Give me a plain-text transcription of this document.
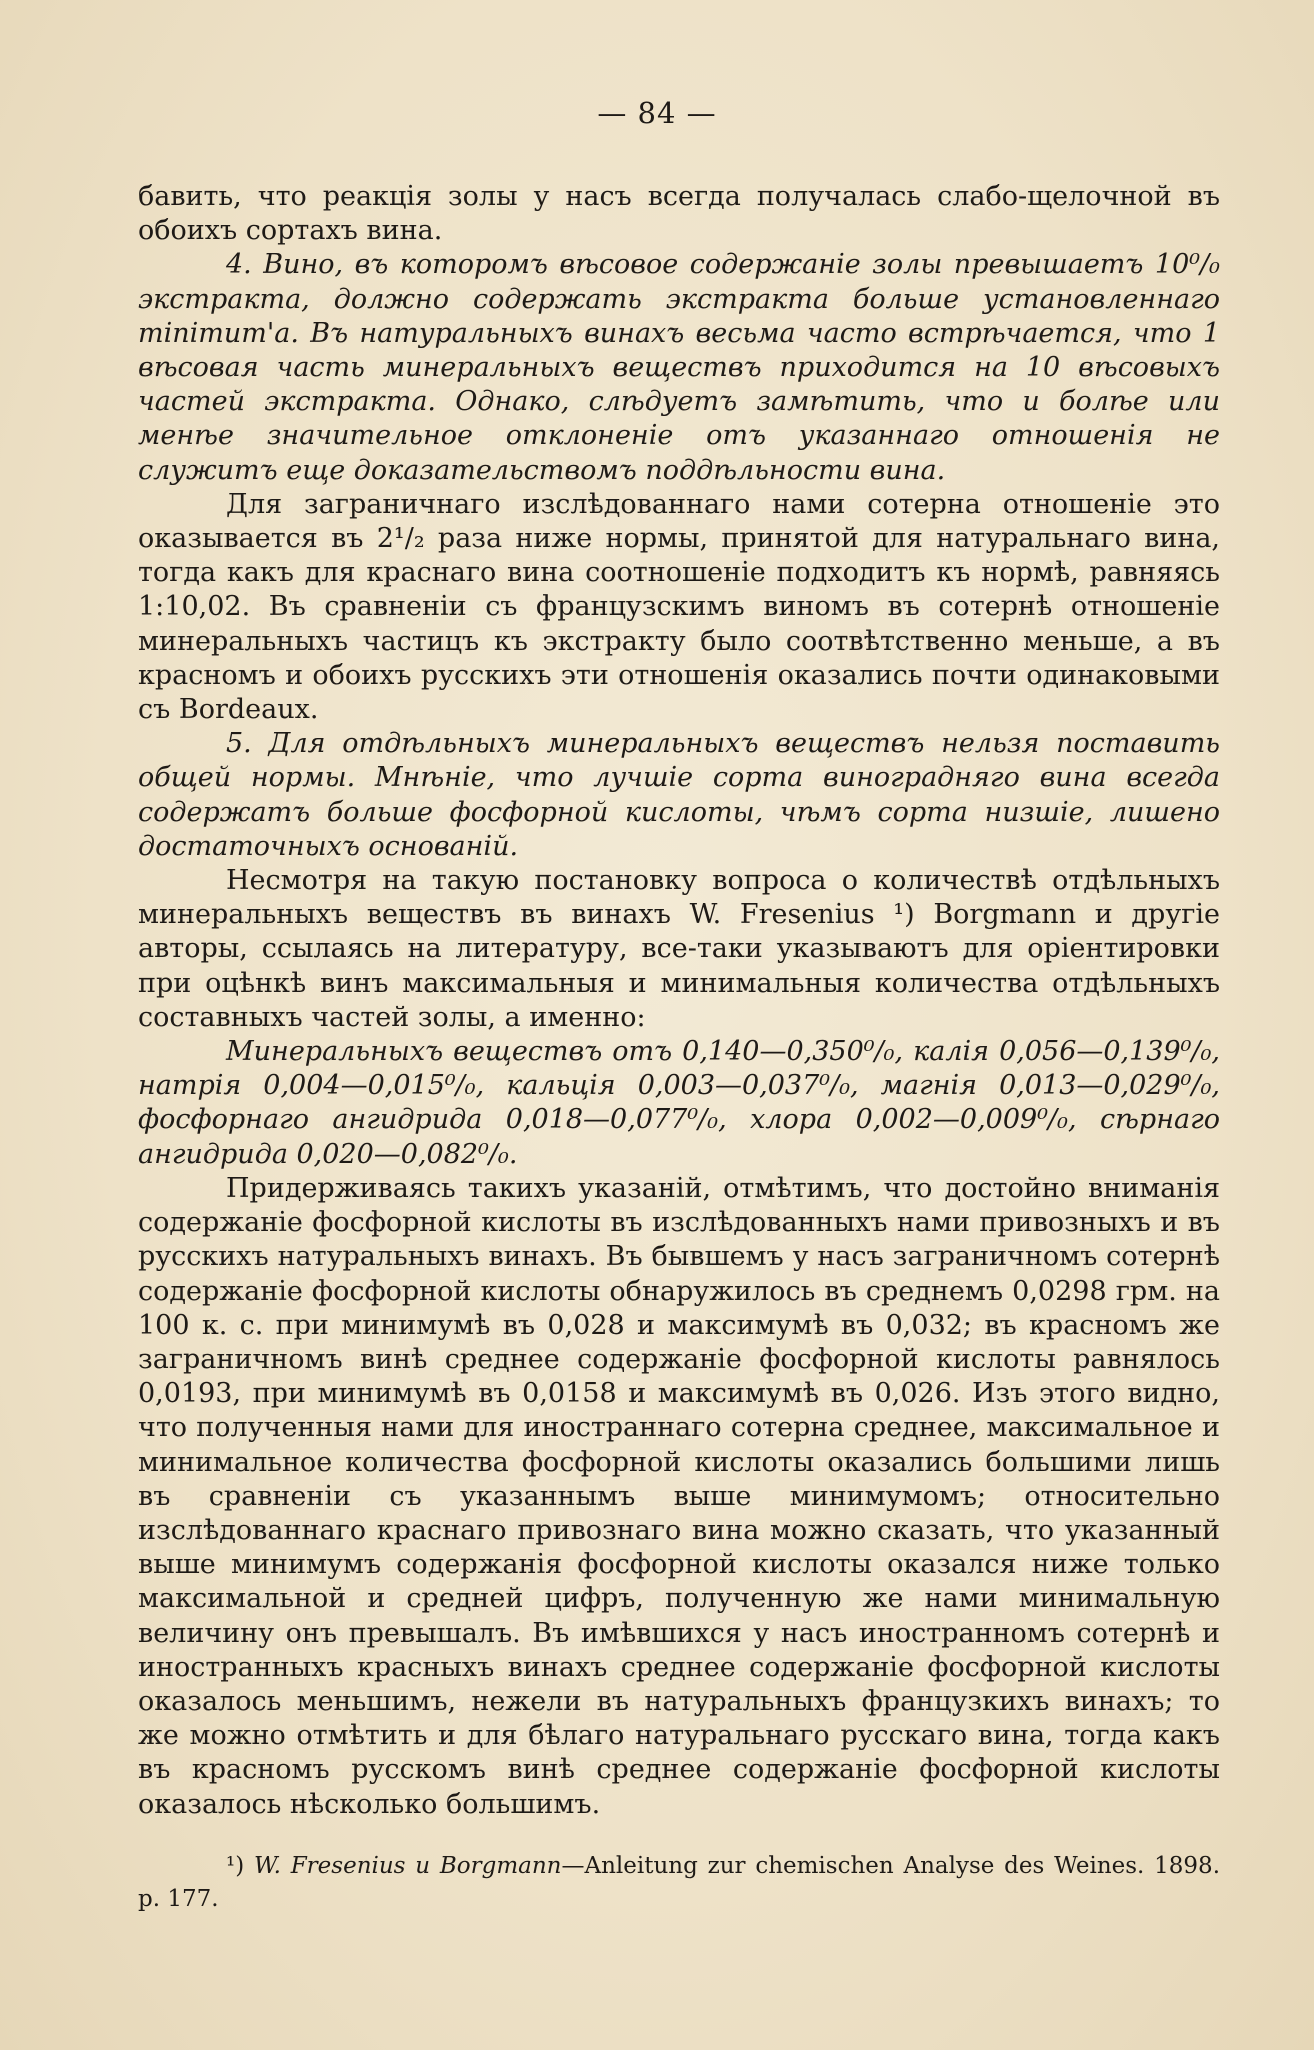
— 84 —

бавить, что реакція золы у насъ всегда получалась слабо-щелочной въ обоихъ сортахъ вина.

4. Вино, въ которомъ вѣсовое содержаніе золы превышаетъ 10⁰/₀ экстракта, должно содержать экстракта больше установленнаго minimum'a. Въ натуральныхъ винахъ весьма часто встрѣчается, что 1 вѣсовая часть минеральныхъ веществъ приходится на 10 вѣсовыхъ частей экстракта. Однако, слѣдуетъ замѣтить, что и болѣе или менѣе значительное отклоненіе отъ указаннаго отношенія не служитъ еще доказательствомъ поддѣльности вина.

Для заграничнаго изслѣдованнаго нами сотерна отношеніе это оказывается въ 2¹/₂ раза ниже нормы, принятой для натуральнаго вина, тогда какъ для краснаго вина соотношеніе подходитъ къ нормѣ, равняясь 1:10,02. Въ сравненіи съ французскимъ виномъ въ сотернѣ отношеніе минеральныхъ частицъ къ экстракту было соотвѣтственно меньше, а въ красномъ и обоихъ русскихъ эти отношенія оказались почти одинаковыми съ Bordeaux.

5. Для отдѣльныхъ минеральныхъ веществъ нельзя поставить общей нормы. Мнѣніе, что лучшіе сорта виноградняго вина всегда содержатъ больше фосфорной кислоты, чѣмъ сорта низшіе, лишено достаточныхъ основаній.

Несмотря на такую постановку вопроса о количествѣ отдѣльныхъ минеральныхъ веществъ въ винахъ W. Fresenius ¹) Borgmann и другіе авторы, ссылаясь на литературу, все-таки указываютъ для оріентировки при оцѣнкѣ винъ максимальныя и минимальныя количества отдѣльныхъ составныхъ частей золы, а именно:

Минеральныхъ веществъ отъ 0,140—0,350⁰/₀, калія 0,056—0,139⁰/₀, натрія 0,004—0,015⁰/₀, кальція 0,003—0,037⁰/₀, магнія 0,013—0,029⁰/₀, фосфорнаго ангидрида 0,018—0,077⁰/₀, хлора 0,002—0,009⁰/₀, сѣрнаго ангидрида 0,020—0,082⁰/₀.

Придерживаясь такихъ указаній, отмѣтимъ, что достойно вниманія содержаніе фосфорной кислоты въ изслѣдованныхъ нами привозныхъ и въ русскихъ натуральныхъ винахъ. Въ бывшемъ у насъ заграничномъ сотернѣ содержаніе фосфорной кислоты обнаружилось въ среднемъ 0,0298 грм. на 100 к. с. при минимумѣ въ 0,028 и максимумѣ въ 0,032; въ красномъ же заграничномъ винѣ среднее содержаніе фосфорной кислоты равнялось 0,0193, при минимумѣ въ 0,0158 и максимумѣ въ 0,026. Изъ этого видно, что полученныя нами для иностраннаго сотерна среднее, максимальное и минимальное количества фосфорной кислоты оказались большими лишь въ сравненіи съ указаннымъ выше минимумомъ; относительно изслѣдованнаго краснаго привознаго вина можно сказать, что указанный выше минимумъ содержанія фосфорной кислоты оказался ниже только максимальной и средней цифръ, полученную же нами минимальную величину онъ превышалъ. Въ имѣвшихся у насъ иностранномъ сотернѣ и иностранныхъ красныхъ винахъ среднее содержаніе фосфорной кислоты оказалось меньшимъ, нежели въ натуральныхъ французкихъ винахъ; то же можно отмѣтить и для бѣлаго натуральнаго русскаго вина, тогда какъ въ красномъ русскомъ винѣ среднее содержаніе фосфорной кислоты оказалось нѣсколько большимъ.

¹) W. Fresenius и Borgmann—Anleitung zur chemischen Analyse des Weines. 1898. p. 177.
